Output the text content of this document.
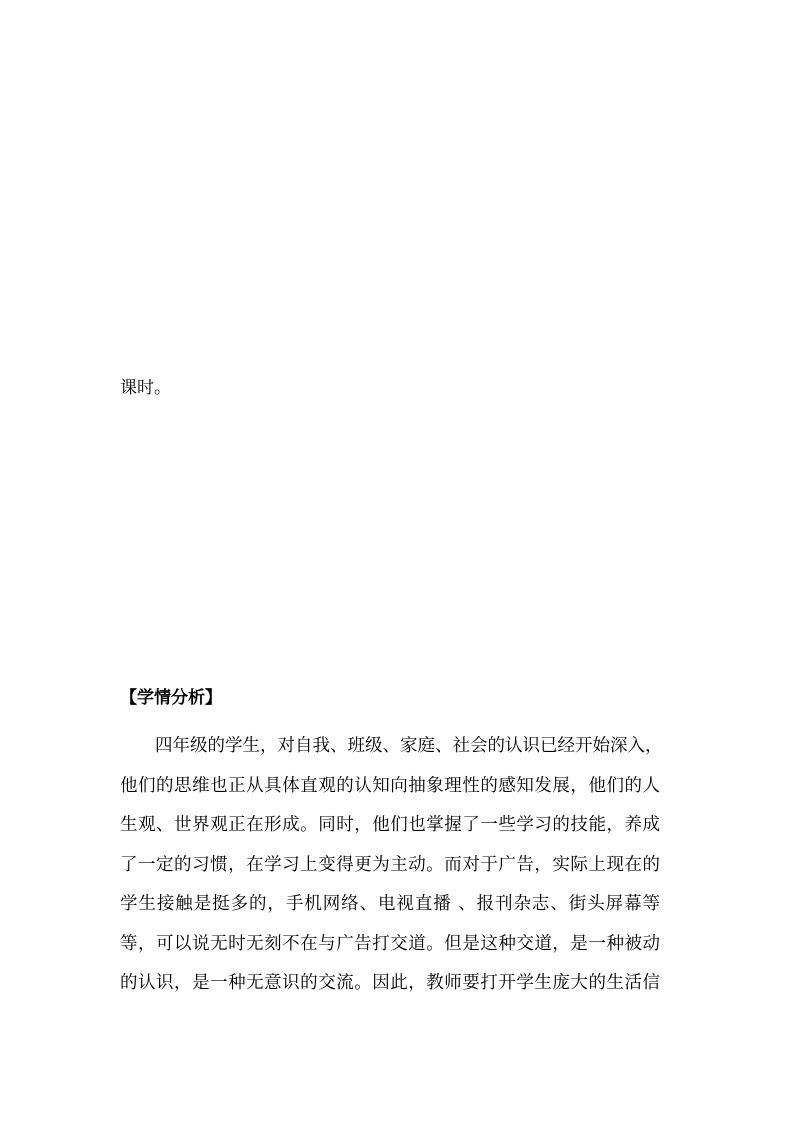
课时。

【学情分析】
四年级的学生，对自我、班级、家庭、社会的认识已经开始深入，
他们的思维也正从具体直观的认知向抽象理性的感知发展，他们的人
生观、世界观正在形成。同时，他们也掌握了一些学习的技能，养成
了一定的习惯，在学习上变得更为主动。而对于广告，实际上现在的
学生接触是挺多的，手机网络、电视直播 、报刊杂志、街头屏幕等
等，可以说无时无刻不在与广告打交道。但是这种交道，是一种被动
的认识，是一种无意识的交流。因此，教师要打开学生庞大的生活信
